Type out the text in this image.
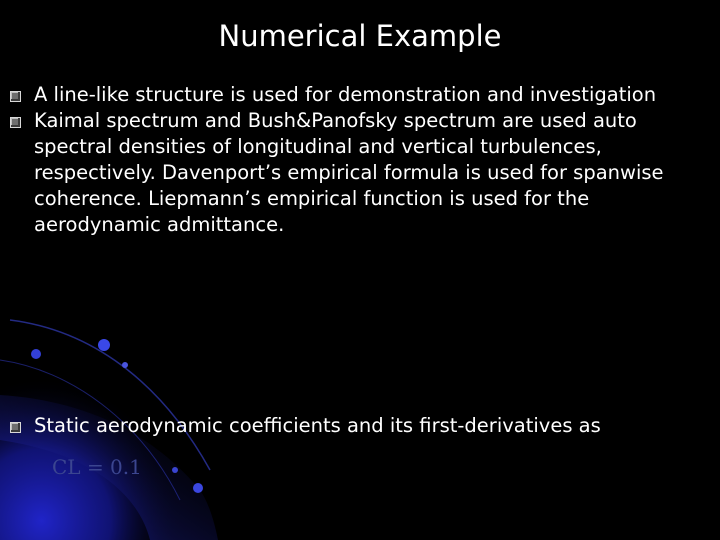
Numerical Example
A line-like structure is used for demonstration and investigation
Kaimal spectrum and Bush&Panofsky spectrum are used auto spectral densities of longitudinal and vertical turbulences, respectively. Davenport’s empirical formula is used for spanwise coherence. Liepmann’s empirical function is used for the aerodynamic admittance.
Static aerodynamic coefficients and its first-derivatives as
CL = 0.1
